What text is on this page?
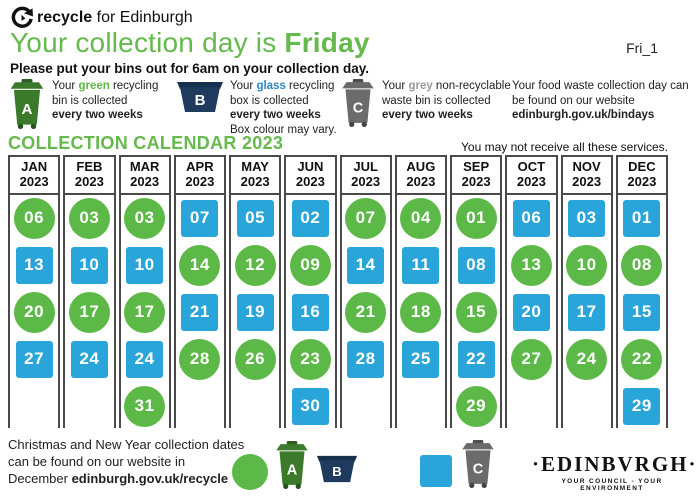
recycle for Edinburgh
Your collection day is Friday	Fri_1
Please put your bins out for 6am on your collection day.
A
Your green recycling bin is collected
every two weeks
B
Your glass recycling box is collected
every two weeks
Box colour may vary.
C
Your grey non-recyclable waste bin is collected
every two weeks
Your food waste collection day can be found on our website edinburgh.gov.uk/bindays
COLLECTION CALENDAR 2023	You may not receive all these services.
JAN
2023
06
13
20
27
FEB
2023
03
10
17
24
MAR
2023
03
10
17
24
31
APR
2023
07
14
21
28
MAY
2023
05
12
19
26
JUN
2023
02
09
16
23
30
JUL
2023
07
14
21
28
AUG
2023
04
11
18
25
SEP
2023
01
08
15
22
29
OCT
2023
06
13
20
27
NOV
2023
03
10
17
24
DEC
2023
01
08
15
22
29
Christmas and New Year collection dates can be found on our website in December edinburgh.gov.uk/recycle	A B	C ·EDINBVRGH·
YOUR COUNCIL - YOUR ENVIRONMENT
